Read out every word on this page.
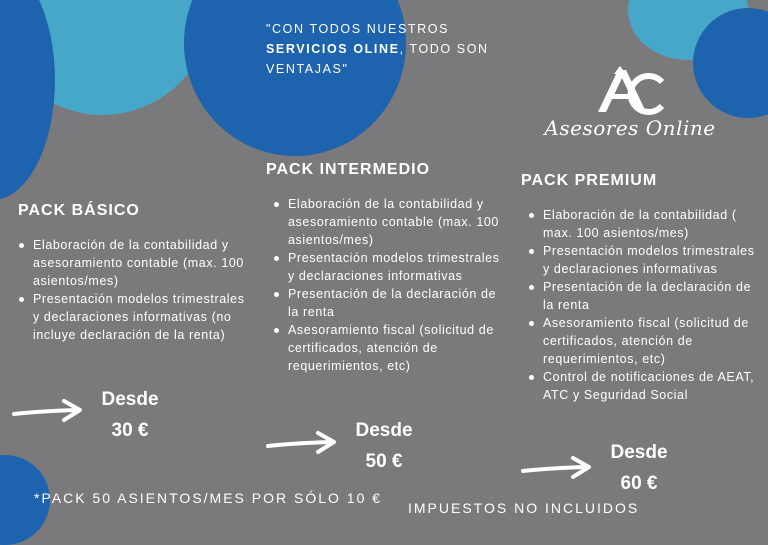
"CON TODOS NUESTROS SERVICIOS OLINE, TODO SON VENTAJAS"
Asesores Online
PACK BÁSICO
Elaboración de la contabilidad y asesoramiento contable (max. 100 asientos/mes)
Presentación modelos trimestrales y declaraciones informativas (no incluye declaración de la renta)
Desde
30 €
PACK INTERMEDIO
Elaboración de la contabilidad y asesoramiento contable (max. 100 asientos/mes)
Presentación modelos trimestrales y declaraciones informativas
Presentación de la declaración de la renta
Asesoramiento fiscal (solicitud de certificados, atención de requerimientos, etc)
Desde
50 €
PACK PREMIUM
Elaboración de la contabilidad ( max. 100 asientos/mes)
Presentación modelos trimestrales y declaraciones informativas
Presentación de la declaración de la renta
Asesoramiento fiscal (solicitud de certificados, atención de requerimientos, etc)
Control de notificaciones de AEAT, ATC y Seguridad Social
Desde
60 €
*PACK 50 ASIENTOS/MES POR SÓLO 10 €
IMPUESTOS NO INCLUIDOS
